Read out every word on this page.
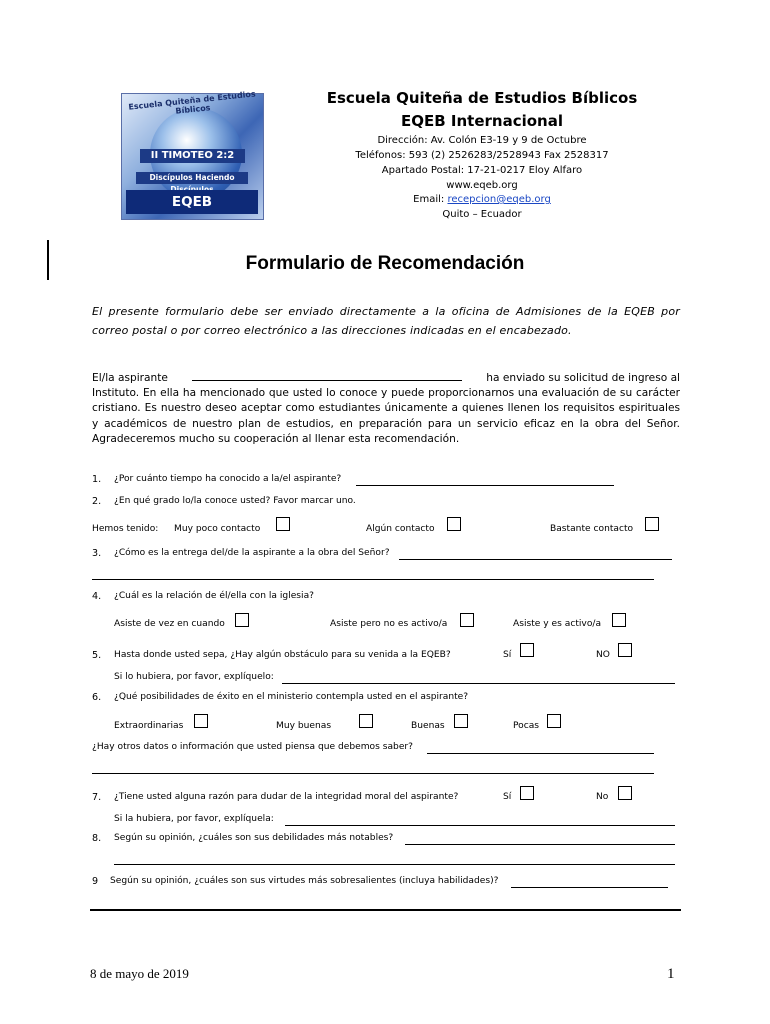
Escuela Quiteña de Estudios Bíblicos
II TIMOTEO 2:2
Discípulos Haciendo
EQEB Internacional
Escuela Quiteña de Estudios Bíblicos
EQEB Internacional
Dirección: Av. Colón E3-19 y 9 de Octubre
Teléfonos: 593 (2) 2526283/2528943 Fax 2528317
Apartado Postal: 17-21-0217 Eloy Alfaro
www.eqeb.org
Email: recepcion@eqeb.org
Quito – Ecuador
Formulario de Recomendación
El presente formulario debe ser enviado directamente a la oficina de Admisiones de la EQEB por correo postal o por correo electrónico a las direcciones indicadas en el encabezado.
El/la aspirante	ha enviado su solicitud de ingreso al
Instituto. En ella ha mencionado que usted lo conoce y puede proporcionarnos una evaluación de su carácter cristiano. Es nuestro deseo aceptar como estudiantes únicamente a quienes llenen los requisitos espirituales y académicos de nuestro plan de estudios, en preparación para un servicio eficaz en la obra del Señor. Agradeceremos mucho su cooperación al llenar esta recomendación.
1. ¿Por cuánto tiempo ha conocido a la/el aspirante?
2. ¿En qué grado lo/la conoce usted? Favor marcar uno.
Hemos tenido: Muy poco contacto	Algún contacto	Bastante contacto
3. ¿Cómo es la entrega del/de la aspirante a la obra del Señor?
4. ¿Cuál es la relación de él/ella con la iglesia?
Asiste de vez en cuando	Asiste pero no es activo/a	Asiste y es activo/a
5. Hasta donde usted sepa, ¿Hay algún obstáculo para su venida a la EQEB?	Sí	NO
Si lo hubiera, por favor, explíquelo:
6. ¿Qué posibilidades de éxito en el ministerio contempla usted en el aspirante?
Extraordinarias	Muy buenas	Buenas	Pocas
¿Hay otros datos o información que usted piensa que debemos saber?
7. ¿Tiene usted alguna razón para dudar de la integridad moral del aspirante?	Sí	No
Si la hubiera, por favor, explíquela:
8. Según su opinión, ¿cuáles son sus debilidades más notables?
9 Según su opinión, ¿cuáles son sus virtudes más sobresalientes (incluya habilidades)?
8 de mayo de 2019	1
